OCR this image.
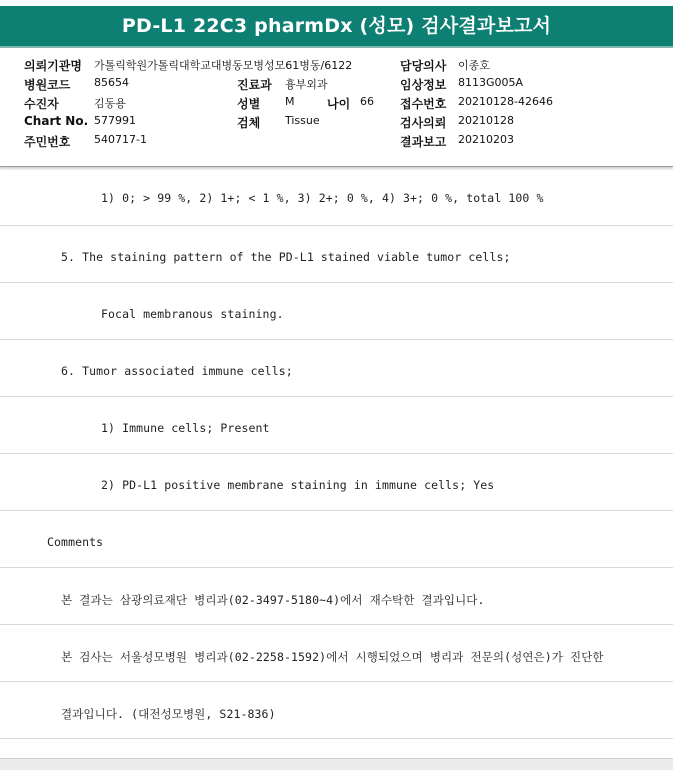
PD-L1 22C3 pharmDx (성모) 검사결과보고서
의뢰기관명 가톨릭학원가톨릭대학교대병동모병성모61병동/6122	담당의사 이종호
병원코드 85654	진료과 흉부외과	임상정보 8113G005A
수진자	김동용	성별 M	나이 66 접수번호 20210128-42646
Chart No. 577991	검체 Tissue	검사의뢰 20210128
주민번호 540717-1	결과보고 20210203
1) 0; > 99 %, 2) 1+; < 1 %, 3) 2+; 0 %, 4) 3+; 0 %, total 100 %
5. The staining pattern of the PD-L1 stained viable tumor cells;
Focal membranous staining.
6. Tumor associated immune cells;
1) Immune cells; Present
2) PD-L1 positive membrane staining in immune cells; Yes
Comments
본 결과는 삼광의료재단 병리과(02-3497-5180~4)에서 재수탁한 결과입니다.
본 검사는 서울성모병원 병리과(02-2258-1592)에서 시행되었으며 병리과 전문의(성연은)가 진단한
결과입니다. (대전성모병원, S21-836)
